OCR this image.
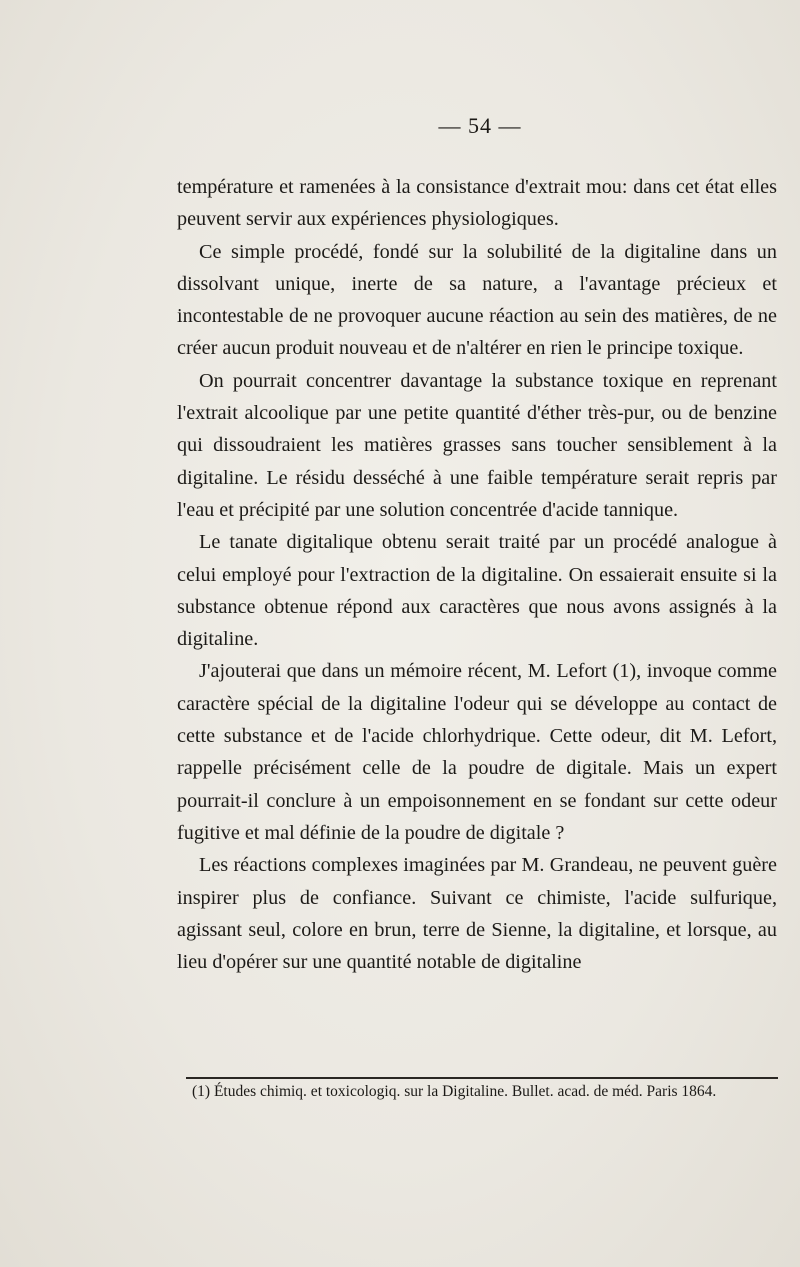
— 54 —

température et ramenées à la consistance d'extrait mou: dans cet état elles peuvent servir aux expériences physiologiques.

Ce simple procédé, fondé sur la solubilité de la digitaline dans un dissolvant unique, inerte de sa nature, a l'avantage précieux et incontestable de ne provoquer aucune réaction au sein des matières, de ne créer aucun produit nouveau et de n'altérer en rien le principe toxique.

On pourrait concentrer davantage la substance toxique en reprenant l'extrait alcoolique par une petite quantité d'éther très-pur, ou de benzine qui dissoudraient les matières grasses sans toucher sensiblement à la digitaline. Le résidu desséché à une faible température serait repris par l'eau et précipité par une solution concentrée d'acide tannique.

Le tanate digitalique obtenu serait traité par un procédé analogue à celui employé pour l'extraction de la digitaline. On essaierait ensuite si la substance obtenue répond aux caractères que nous avons assignés à la digitaline.

J'ajouterai que dans un mémoire récent, M. Lefort (1), invoque comme caractère spécial de la digitaline l'odeur qui se développe au contact de cette substance et de l'acide chlorhydrique. Cette odeur, dit M. Lefort, rappelle précisément celle de la poudre de digitale. Mais un expert pourrait-il conclure à un empoisonnement en se fondant sur cette odeur fugitive et mal définie de la poudre de digitale ?

Les réactions complexes imaginées par M. Grandeau, ne peuvent guère inspirer plus de confiance. Suivant ce chimiste, l'acide sulfurique, agissant seul, colore en brun, terre de Sienne, la digitaline, et lorsque, au lieu d'opérer sur une quantité notable de digitaline

(1) Études chimiq. et toxicologiq. sur la Digitaline. Bullet. acad. de méd. Paris 1864.
